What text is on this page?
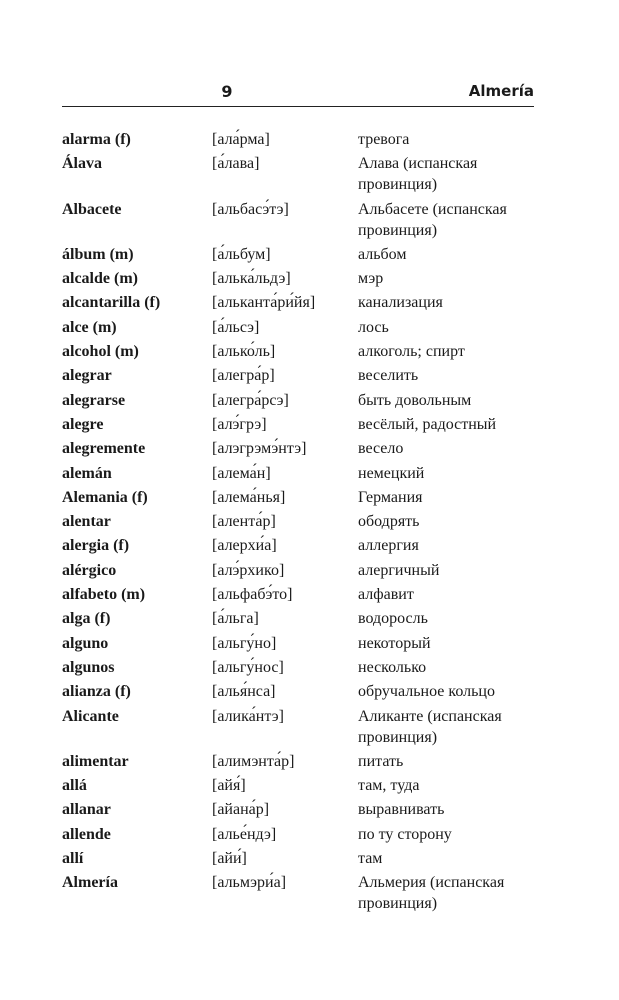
9	Almería
alarma (f)	[ала́рма]	тревога
Álava	[а́лава]	Алава (испанская провинция)
Albacete	[альбасэ́тэ]	Альбасете (испанская провинция)
álbum (m)	[а́льбум]	альбом
alcalde (m)	[алька́льдэ]	мэр
alcantarilla (f)	[альканта́ри́йя]	канализация
alce (m)	[а́льсэ]	лось
alcohol (m)	[алько́ль]	алкоголь; спирт
alegrar	[алегра́р]	веселить
alegrarse	[алегра́рсэ]	быть довольным
alegre	[алэ́грэ]	весёлый, радостный
alegremente	[алэгрэмэ́нтэ]	весело
alemán	[алема́н]	немецкий
Alemania (f)	[алема́нья]	Германия
alentar	[алента́р]	ободрять
alergia (f)	[алерхи́а]	аллергия
alérgico	[алэ́рхико]	алергичный
alfabeto (m)	[альфабэ́то]	алфавит
alga (f)	[а́льга]	водоросль
alguno	[альгу́но]	некоторый
algunos	[альгу́нос]	несколько
alianza (f)	[алья́нса]	обручальное кольцо
Alicante	[алика́нтэ]	Аликанте (испанская провинция)
alimentar	[алимэнта́р]	питать
allá	[айя́]	там, туда
allanar	[айана́р]	выравнивать
allende	[алье́ндэ]	по ту сторону
allí	[айи́]	там
Almería	[альмэри́а]	Альмерия (испанская провинция)
